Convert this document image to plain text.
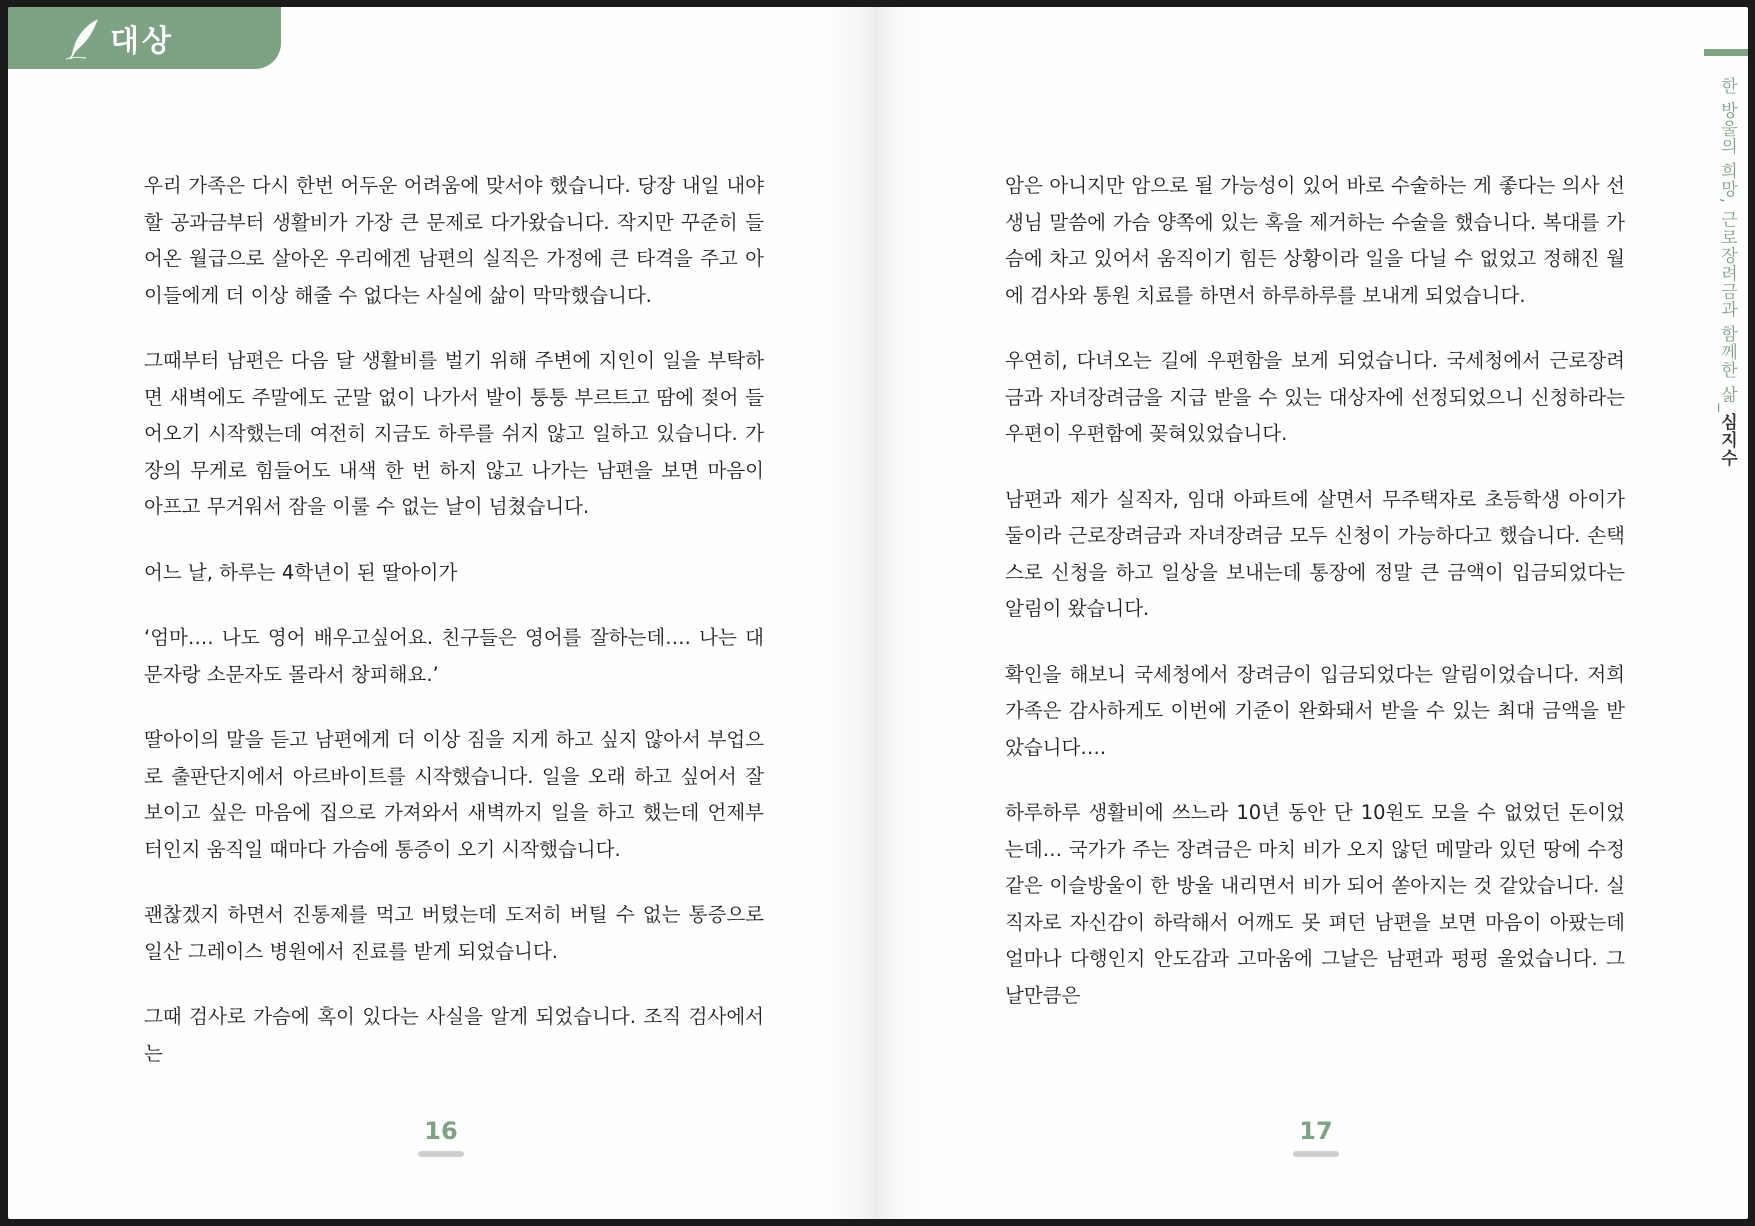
대상

우리 가족은 다시 한번 어두운 어려움에 맞서야 했습니다. 당장 내일 내야 할 공과금부터 생활비가 가장 큰 문제로 다가왔습니다. 작지만 꾸준히 들어온 월급으로 살아온 우리에겐 남편의 실직은 가정에 큰 타격을 주고 아이들에게 더 이상 해줄 수 없다는 사실에 삶이 막막했습니다.

그때부터 남편은 다음 달 생활비를 벌기 위해 주변에 지인이 일을 부탁하면 새벽에도 주말에도 군말 없이 나가서 발이 퉁퉁 부르트고 땀에 젖어 들어오기 시작했는데 여전히 지금도 하루를 쉬지 않고 일하고 있습니다. 가장의 무게로 힘들어도 내색 한 번 하지 않고 나가는 남편을 보면 마음이 아프고 무거워서 잠을 이룰 수 없는 날이 넘쳤습니다.

어느 날, 하루는 4학년이 된 딸아이가

‘엄마…. 나도 영어 배우고싶어요. 친구들은 영어를 잘하는데…. 나는 대문자랑 소문자도 몰라서 창피해요.’

딸아이의 말을 듣고 남편에게 더 이상 짐을 지게 하고 싶지 않아서 부업으로 출판단지에서 아르바이트를 시작했습니다. 일을 오래 하고 싶어서 잘 보이고 싶은 마음에 집으로 가져와서 새벽까지 일을 하고 했는데 언제부터인지 움직일 때마다 가슴에 통증이 오기 시작했습니다.

괜찮겠지 하면서 진통제를 먹고 버텼는데 도저히 버틸 수 없는 통증으로 일산 그레이스 병원에서 진료를 받게 되었습니다.

그때 검사로 가슴에 혹이 있다는 사실을 알게 되었습니다. 조직 검사에서는

16
한 방울의 희망, 근로장려금과 함께한 삶_심지수

암은 아니지만 암으로 될 가능성이 있어 바로 수술하는 게 좋다는 의사 선생님 말씀에 가슴 양쪽에 있는 혹을 제거하는 수술을 했습니다. 복대를 가슴에 차고 있어서 움직이기 힘든 상황이라 일을 다닐 수 없었고 정해진 월에 검사와 통원 치료를 하면서 하루하루를 보내게 되었습니다.

우연히, 다녀오는 길에 우편함을 보게 되었습니다. 국세청에서 근로장려금과 자녀장려금을 지급 받을 수 있는 대상자에 선정되었으니 신청하라는 우편이 우편함에 꽂혀있었습니다.

남편과 제가 실직자, 임대 아파트에 살면서 무주택자로 초등학생 아이가 둘이라 근로장려금과 자녀장려금 모두 신청이 가능하다고 했습니다. 손택스로 신청을 하고 일상을 보내는데 통장에 정말 큰 금액이 입금되었다는 알림이 왔습니다.

확인을 해보니 국세청에서 장려금이 입금되었다는 알림이었습니다. 저희가족은 감사하게도 이번에 기준이 완화돼서 받을 수 있는 최대 금액을 받았습니다….

하루하루 생활비에 쓰느라 10년 동안 단 10원도 모을 수 없었던 돈이었는데… 국가가 주는 장려금은 마치 비가 오지 않던 메말라 있던 땅에 수정 같은 이슬방울이 한 방울 내리면서 비가 되어 쏟아지는 것 같았습니다. 실직자로 자신감이 하락해서 어깨도 못 펴던 남편을 보면 마음이 아팠는데 얼마나 다행인지 안도감과 고마움에 그날은 남편과 펑펑 울었습니다. 그 날만큼은

17
